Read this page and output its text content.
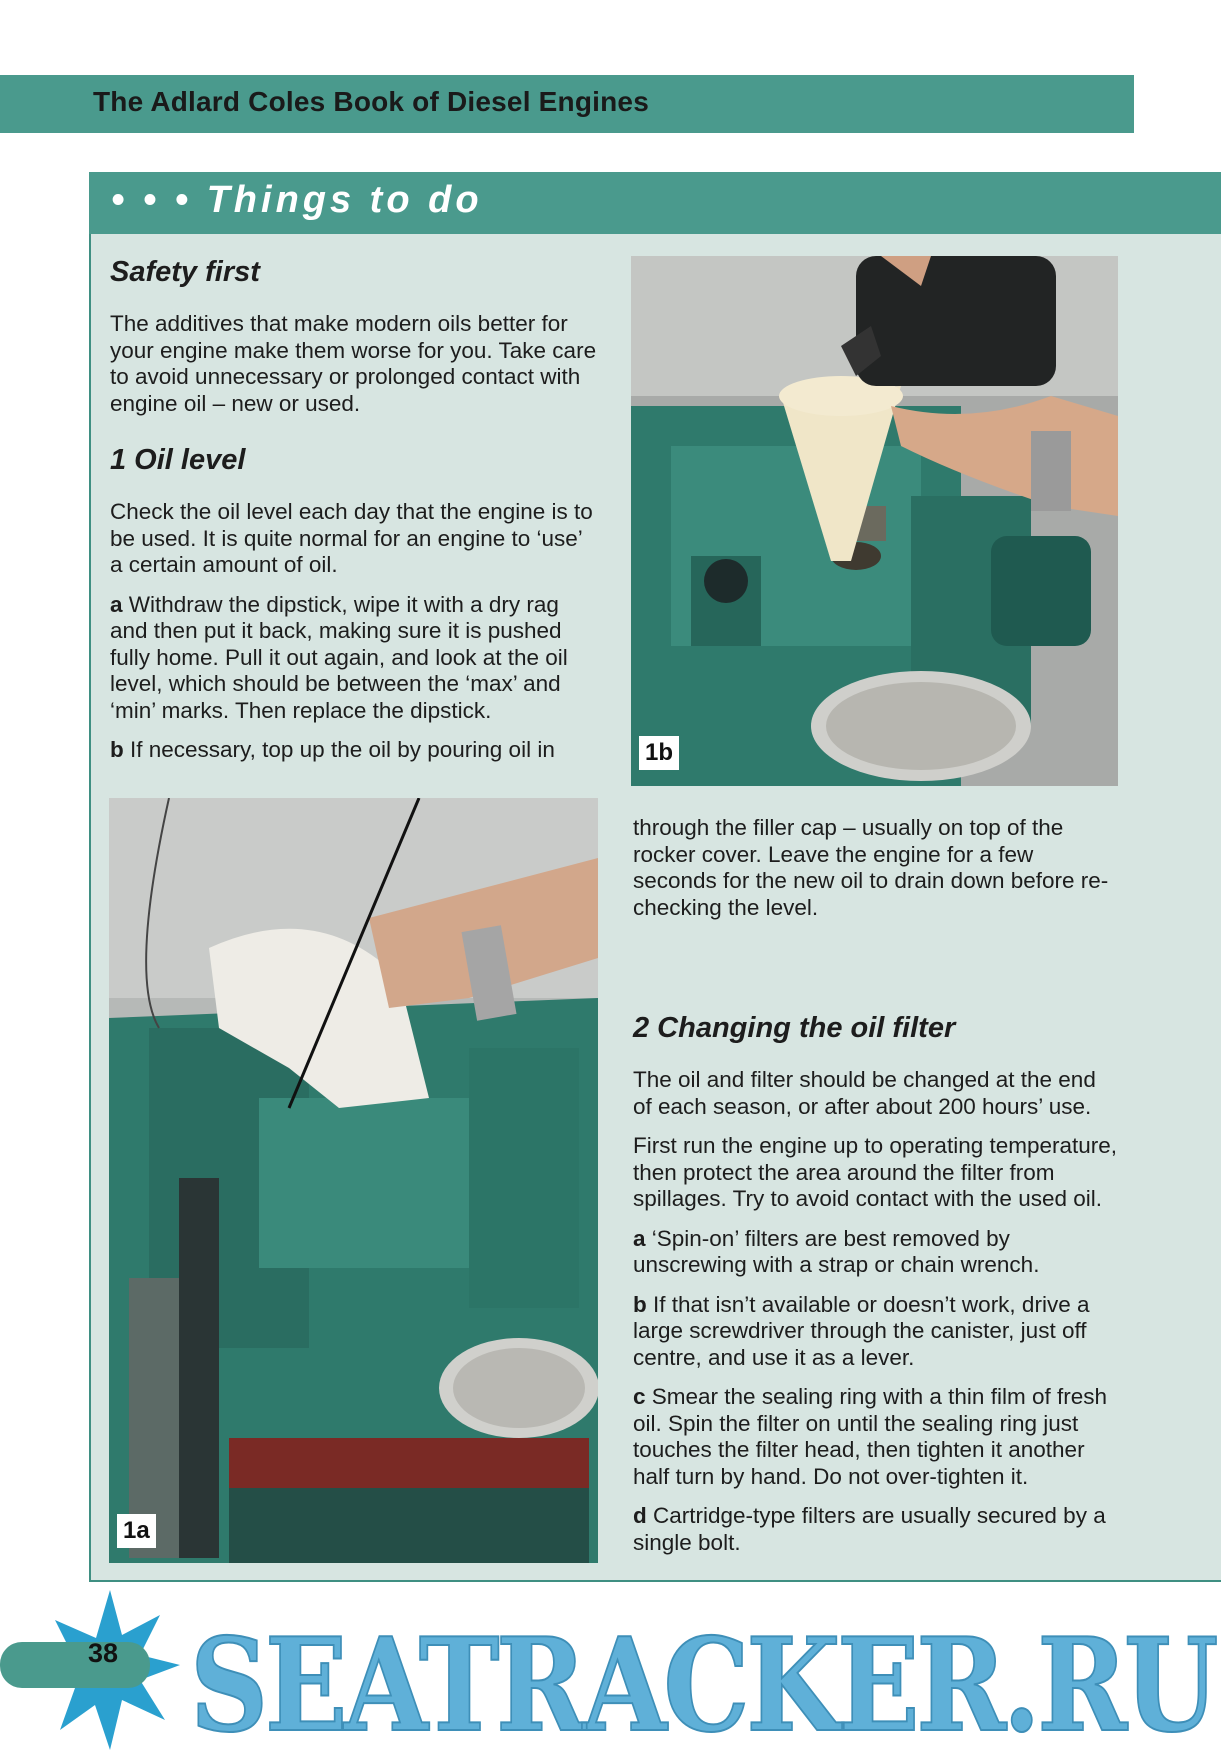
The Adlard Coles Book of Diesel Engines
• • • Things to do
Safety first

The additives that make modern oils better for your engine make them worse for you. Take care to avoid unnecessary or prolonged contact with engine oil – new or used.

1 Oil level

Check the oil level each day that the engine is to be used. It is quite normal for an engine to ‘use’ a certain amount of oil.

a Withdraw the dipstick, wipe it with a dry rag and then put it back, making sure it is pushed fully home. Pull it out again, and look at the oil level, which should be between the ‘max’ and ‘min’ marks. Then replace the dipstick.

b If necessary, top up the oil by pouring oil in	1b
1a

through the filler cap – usually on top of the rocker cover. Leave the engine for a few seconds for the new oil to drain down before re-checking the level.

2 Changing the oil filter

The oil and filter should be changed at the end of each season, or after about 200 hours’ use.

First run the engine up to operating temperature, then protect the area around the filter from spillages. Try to avoid contact with the used oil.

a ‘Spin-on’ filters are best removed by unscrewing with a strap or chain wrench.

b If that isn’t available or doesn’t work, drive a large screwdriver through the canister, just off centre, and use it as a lever.

c Smear the sealing ring with a thin film of fresh oil. Spin the filter on until the sealing ring just touches the filter head, then tighten it another half turn by hand. Do not over-tighten it.

d Cartridge-type filters are usually secured by a single bolt.

38 SEATRACKER.RU
